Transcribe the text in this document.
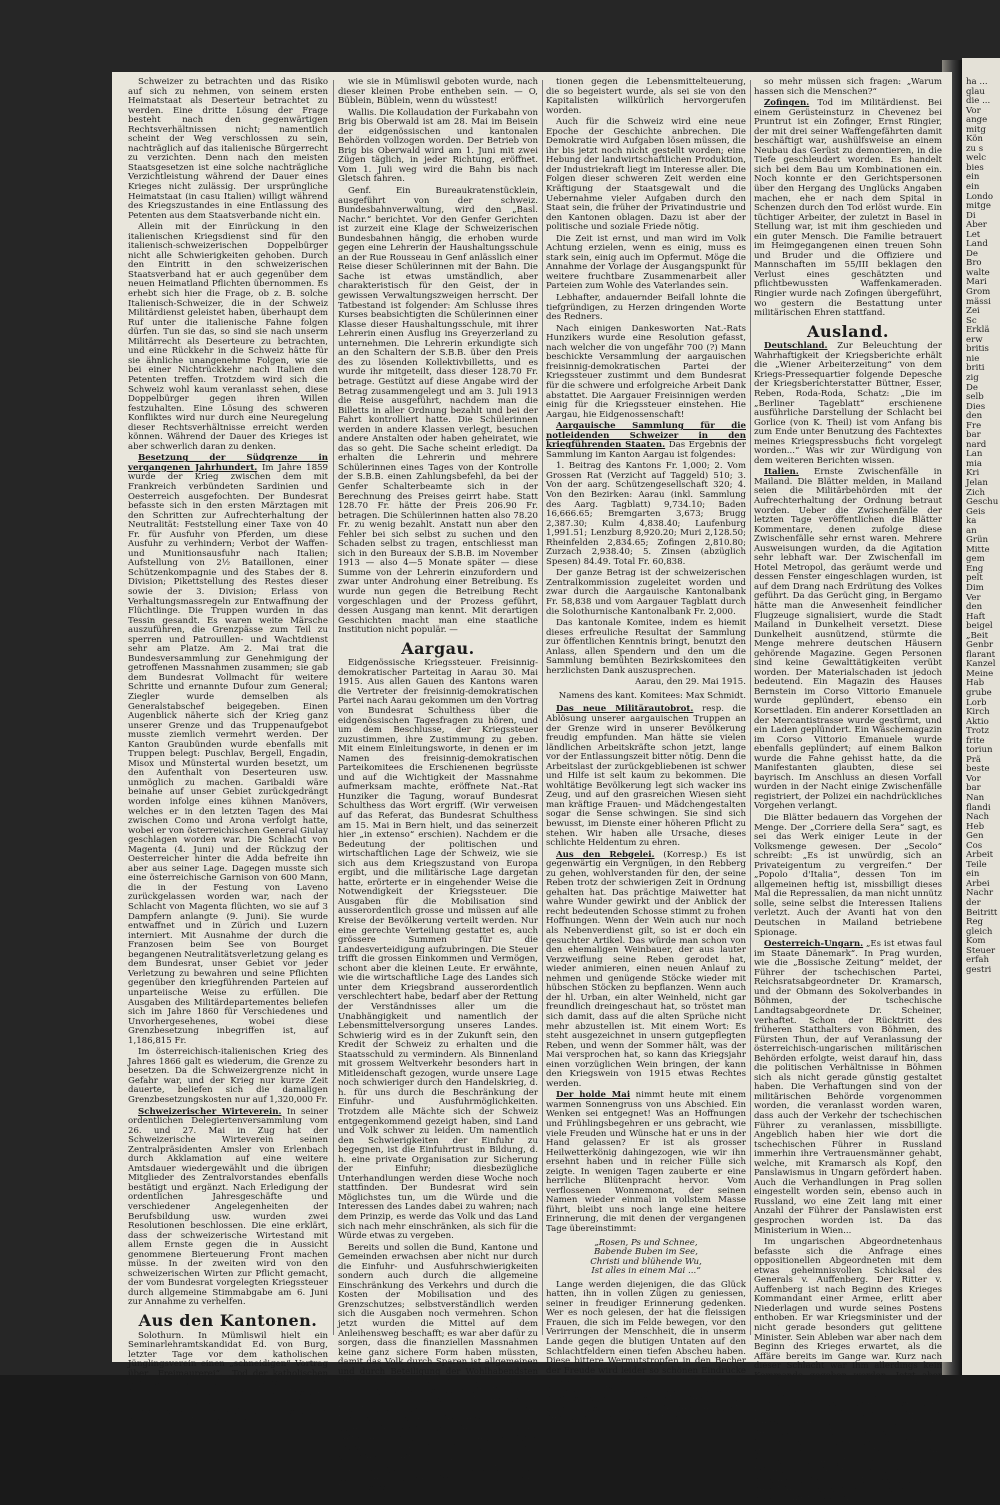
Schweizer zu betrachten und das Risiko auf sich zu nehmen, von seinem ersten Heimatstaat als Deserteur betrachtet zu werden. Eine dritte Lösung der Frage besteht nach den gegenwärtigen Rechtsverhältnissen nicht; namentlich scheint der Weg verschlossen zu sein, nachträglich auf das italienische Bürgerrecht zu verzichten. Denn nach den meisten Staatsgesetzen ist eine solche nachträgliche Verzichtleistung während der Dauer eines Krieges nicht zulässig. Der ursprüngliche Heimatstaat (in casu Italien) willigt während des Kriegszustandes in eine Entlassung des Petenten aus dem Staatsverbande nicht ein.

Allein mit der Einrückung in den italienischen Kriegsdienst sind für den italienisch-schweizerischen Doppelbürger nicht alle Schwierigkeiten gehoben. Durch den Eintritt in den schweizerischen Staatsverband hat er auch gegenüber dem neuen Heimatland Pflichten übernommen. Es erhebt sich hier die Frage, ob z. B. solche Italienisch-Schweizer, die in der Schweiz Militärdienst geleistet haben, überhaupt dem Ruf unter die italienische Fahne folgen dürfen. Tun sie das, so sind sie nach unserm Militärrecht als Deserteure zu betrachten, und eine Rückkehr in die Schweiz hätte für sie ähnliche unangenehme Folgen, wie sie bei einer Nichtrückkehr nach Italien den Petenten treffen. Trotzdem wird sich die Schweiz wohl kaum veranlasst sehen, diese Doppelbürger gegen ihren Willen festzuhalten. Eine Lösung des schweren Konfliktes wird nur durch eine Neuregelung dieser Rechtsverhältnisse erreicht werden können. Während der Dauer des Krieges ist aber schwerlich daran zu denken.

Besetzung der Südgrenze in vergangenen Jahrhundert. Im Jahre 1859 wurde der Krieg zwischen dem mit Frankreich verbündeten Sardinien und Oesterreich ausgefochten. Der Bundesrat befasste sich in den ersten Märztagen mit den Schritten zur Aufrechterhaltung der Neutralität: Feststellung einer Taxe von 40 Fr. für Ausfuhr von Pferden, um diese Ausfuhr zu verhindern; Verbot der Waffen- und Munitionsausfuhr nach Italien; Aufstellung von 2½ Bataillonen, einer Schützenkompagnie und des Stabes der 8. Division; Pikettstellung des Restes dieser sowie der 3. Division; Erlass von Verhaltungsmassregeln zur Entwaffnung der Flüchtlinge. Die Truppen wurden in das Tessin gesandt. Es waren weite Märsche auszuführen, die Grenzpässe zum Teil zu sperren und Patrouillen- und Wachtdienst sehr am Platze. Am 2. Mai trat die Bundesversammlung zur Genehmigung der getroffenen Massnahmen zusammen; sie gab dem Bundesrat Vollmacht für weitere Schritte und ernannte Dufour zum General; Ziegler wurde demselben als Generalstabschef beigegeben. Einen Augenblick näherte sich der Krieg ganz unserer Grenze und das Truppenaufgebot musste ziemlich vermehrt werden. Der Kanton Graubünden wurde ebenfalls mit Truppen belegt: Puschlav, Bergell, Engadin, Misox und Münstertal wurden besetzt, um den Aufenthalt von Deserteuren usw. unmöglich zu machen. Garibaldi wäre beinahe auf unser Gebiet zurückgedrängt worden infolge eines kühnen Manövers, welches er in den letzten Tagen des Mai zwischen Como und Arona verfolgt hatte, wobei er von österreichischen General Giulay geschlagen worden war. Die Schlacht von Magenta (4. Juni) und der Rückzug der Oesterreicher hinter die Adda befreite ihn aber aus seiner Lage. Dagegen musste sich eine österreichische Garnison von 600 Mann, die in der Festung von Laveno zurückgelassen worden war, nach der Schlacht von Magenta flüchten, wo sie auf 3 Dampfern anlangte (9. Juni). Sie wurde entwaffnet und in Zürich und Luzern interniert. Mit Ausnahme der durch die Franzosen beim See von Bourget begangenen Neutralitätsverletzung gelang es dem Bundesrat, unser Gebiet vor jeder Verletzung zu bewahren und seine Pflichten gegenüber den kriegführenden Parteien auf unparteiische Weise zu erfüllen. Die Ausgaben des Militärdepartementes beliefen sich im Jahre 1860 für Verschiedenes und Unvorhergesehenes, wobei diese Grenzbesetzung inbegriffen ist, auf 1,186,815 Fr.

Im österreichisch-italienischen Krieg des Jahres 1866 galt es wiederum, die Grenze zu besetzen. Da die Schweizergrenze nicht in Gefahr war, und der Krieg nur kurze Zeit dauerte, beliefen sich die damaligen Grenzbesetzungskosten nur auf 1,320,000 Fr.

Schweizerischer Wirteverein. In seiner ordentlichen Delegiertenversammlung vom 26. und 27. Mai in Zug hat der Schweizerische Wirteverein seinen Zentralpräsidenten Amsler von Erlenbach durch Akklamation auf eine weitere Amtsdauer wiedergewählt und die übrigen Mitglieder des Zentralvorstandes ebenfalls bestätigt und ergänzt. Nach Erledigung der ordentlichen Jahresgeschäfte und verschiedener Angelegenheiten der Berufsbildung usw. wurden zwei Resolutionen beschlossen. Die eine erklärt, dass der schweizerische Wirtestand mit allem Ernste gegen die in Aussicht genommene Bierteuerung Front machen müsse. In der zweiten wird von den schweizerischen Wirten zur Pflicht gemacht, der vom Bundesrat vorgelegten Kriegssteuer durch allgemeine Stimmabgabe am 6. Juni zur Annahme zu verhelfen.

Aus den Kantonen.

Solothurn. In Mümliswil hielt ein Seminarlehramtskandidat Ed. von Burg, letzter Tage vor dem katholischen Jünglingsverein einen „schneidigen“ Vortrag über „Freimaurerei“. „Tod der katholischen Kirche! heisse der Hauptparagraph der Statuten der Kellenbrüder“, dieses Märchen war das Leitmotiv des jugendlichen Vortrages. Man wird weiterer Schlüsse über diese Gattung Volksaufklärung,

wie sie in Mümliswil geboten wurde, nach dieser kleinen Probe entheben sein. — O, Büblein, Büblein, wenn du wüsstest!

Wallis. Die Kollaudation der Furkabahn von Brig bis Oberwald ist am 28. Mai im Beisein der eidgenössischen und kantonalen Behörden vollzogen worden. Der Betrieb von Brig bis Oberwald wird am 1. Juni mit zwei Zügen täglich, in jeder Richtung, eröffnet. Vom 1. Juli weg wird die Bahn bis nach Gletsch fahren.

Genf. Ein Bureaukratenstücklein, ausgeführt von der schweiz. Bundesbahnverwaltung, wird den „Basl. Nachr.“ berichtet. Vor den Genfer Gerichten ist zurzeit eine Klage der Schweizerischen Bundesbahnen hängig, die erhoben wurde gegen eine Lehrerin der Haushaltungsschule an der Rue Rousseau in Genf anlässlich einer Reise dieser Schülerinnen mit der Bahn. Die Sache ist etwas umständlich, aber charakteristisch für den Geist, der in gewissen Verwaltungszweigen herrscht. Der Tatbestand ist folgender: Am Schlusse ihres Kurses beabsichtigten die Schülerinnen einer Klasse dieser Haushaltungsschule, mit ihrer Lehrerin einen Ausflug ins Greyerzerland zu unternehmen. Die Lehrerin erkundigte sich an den Schaltern der S.B.B. über den Preis des zu lösenden Kollektivbilletts, und es wurde ihr mitgeteilt, dass dieser 128.70 Fr. betrage. Gestützt auf diese Angabe wird der Betrag zusammengelegt und am 3. Juli 1913 die Reise ausgeführt, nachdem man die Billetts in aller Ordnung bezahlt und bei der Fahrt kontrolliert hatte. Die Schülerinnen werden in andere Klassen verlegt, besuchen andere Anstalten oder haben geheiratet, wie das so geht. Die Sache scheint erledigt. Da erhalten die Lehrerin und mehrere Schülerinnen eines Tages von der Kontrolle der S.B.B. einen Zahlungsbefehl, da bei der Genfer Schalterbeamte sich in der Berechnung des Preises geirrt habe. Statt 128.70 Fr. hätte der Preis 206.90 Fr. betragen. Die Schülerinnen hatten also 78.20 Fr. zu wenig bezahlt. Anstatt nun aber den Fehler bei sich selbst zu suchen und den Schaden selbst zu tragen, entschliesst man sich in den Bureaux der S.B.B. im November 1913 — also 4—5 Monate später — diese Summe von der Lehrerin einzufordern und zwar unter Androhung einer Betreibung. Es wurde nun gegen die Betreibung Recht vorgeschlagen und der Prozess geführt, dessen Ausgang man kennt. Mit derartigen Geschichten macht man eine staatliche Institution nicht populär. —

Aargau.

Eidgenössische Kriegssteuer. Freisinnig-demokratischer Parteitag in Aarau 30. Mai 1915. Aus allen Gauen des Kantons waren die Vertreter der freisinnig-demokratischen Partei nach Aarau gekommen um den Vortrag von Bundesrat Schulthess über die eidgenössischen Tagesfragen zu hören, und um dem Beschlusse, der Kriegssteuer zuzustimmen, ihre Zustimmung zu geben. Mit einem Einleitungsworte, in denen er im Namen des freisinnig-demokratischen Parteikomitees die Erschienenen begrüsste und auf die Wichtigkeit der Massnahme aufmerksam machte, eröffnete Nat.-Rat Hunziker die Tagung, worauf Bundesrat Schulthess das Wort ergriff. (Wir verweisen auf das Referat, das Bundesrat Schulthess am 15. Mai in Bern hielt, und das seinerzeit hier „in extenso“ erschien). Nachdem er die Bedeutung der politischen und wirtschaftlichen Lage der Schweiz, wie sie sich aus dem Kriegszustand von Europa ergibt, und die militärische Lage dargetan hatte, erörterte er in eingehender Weise die Notwendigkeit der Kriegssteuer. Die Ausgaben für die Mobilisation sind ausserordentlich grosse und müssen auf alle Kreise der Bevölkerung verteilt werden. Nur eine gerechte Verteilung gestattet es, auch grössere Summen für die Landesverteidigung aufzubringen. Die Steuer trifft die grossen Einkommen und Vermögen, schont aber die kleinen Leute. Er erwähnte, wie die wirtschaftliche Lage des Landes sich unter dem Kriegsbrand ausserordentlich verschlechtert habe, bedarf aber der Rettung der Verständnisses aller um die Unabhängigkeit und namentlich der Lebensmittelversorgung unseres Landes. Schwierig wird es in der Zukunft sein, den Kredit der Schweiz zu erhalten und die Staatsschuld zu vermindern. Als Binnenland mit grossem Weltverkehr besonders hart in Mitleidenschaft gezogen, wurde unsere Lage noch schwieriger durch den Handelskrieg, d. h. für uns durch die Beschränkung der Einfuhr- und Ausfuhrmöglichkeiten. Trotzdem alle Mächte sich der Schweiz entgegenkommend gezeigt haben, sind Land und Volk schwer zu leiden. Um namentlich den Schwierigkeiten der Einfuhr zu begegnen, ist die Einfuhrtrust in Bildung, d. h. eine private Organisation zur Sicherung der Einfuhr; diesbezügliche Unterhandlungen werden diese Woche noch stattfinden. Der Bundesrat wird sein Möglichstes tun, um die Würde und die Interessen des Landes dabei zu wahren; nach dem Prinzip, es werde das Volk und das Land sich nach mehr einschränken, als sich für die Würde etwas zu vergeben.

Bereits und sollen die Bund, Kantone und Gemeinden erwachsen aber nicht nur durch die Einfuhr- und Ausfuhrschwierigkeiten sondern auch durch die allgemeine Einschränkung des Verkehrs und durch die Kosten der Mobilisation und des Grenzschutzes; selbstverständlich werden sich die Ausgaben noch vermehren. Schon jetzt wurden die Mittel auf dem Anleihensweg beschafft; es war aber dafür zu sorgen, dass die finanziellen Massnahmen keine ganz sichere Form haben müssten, damit das Volk durch Sparen ist allgemeinen und durch Beteiligung der Wohlhabendsten beitrug; der Bund hat sich durch Sparen und Erhebung der Kriegssteuer mit Einnahmen zu versehen, welches auf die Dauer verteilt. Die Kriegssteuer wird die Schulden des Bundes, die aus dem Kriege erwachsen sind, tilgen; sie wird nur die Vermögenden beitragen und zwar in nicht empfindlicher Weise. Auf Einzelheiten einzugehen erübrigt sich hier bei Zeit und die Zeit.

Zu befragen ist um zu mithelfen Kantonen, ob an verschiedenen Orten stattgefundenen Demonstra-

tionen gegen die Lebensmittelteuerung, die so begeistert wurde, als sei sie von den Kapitalisten willkürlich hervorgerufen worden.

Auch für die Schweiz wird eine neue Epoche der Geschichte anbrechen. Die Demokratie wird Aufgaben lösen müssen, die ihr bis jetzt noch nicht gestellt worden; eine Hebung der landwirtschaftlichen Produktion, der Industriekraft liegt im Interesse aller. Die Folgen dieser schweren Zeit werden eine Kräftigung der Staatsgewalt und die Uebernahme vieler Aufgaben durch den Staat sein, die früher der Privatindustrie und den Kantonen oblagen. Dazu ist aber der politische und soziale Friede nötig.

Die Zeit ist ernst, und man wird im Volk Achtung erzielen, wenn es einig, muss es stark sein, einig auch im Opfermut. Möge die Annahme der Vorlage der Ausgangspunkt für weitere fruchtbare Zusammenarbeit aller Parteien zum Wohle des Vaterlandes sein.

Lebhafter, andauernder Beifall lohnte die tiefgründigen, zu Herzen dringenden Worte des Redners.

Nach einigen Dankesworten Nat.-Rats Hunzikers wurde eine Resolution gefasst, nach welcher die von ungefähr 700 (?) Mann beschickte Versammlung der aargauischen freisinnig-demokratischen Partei der Kriegssteuer zustimmt und dem Bundesrat für die schwere und erfolgreiche Arbeit Dank abstattet. Die Aargauer Freisinnigen werden einig für die Kriegssteuer einstehen. Hie Aargau, hie Eidgenossenschaft!

Aargauische Sammlung für die notleidenden Schweizer in den kriegführenden Staaten. Das Ergebnis der Sammlung im Kanton Aargau ist folgendes:

1. Beitrag des Kantons Fr. 1,000; 2. Vom Grossen Rat (Verzicht auf Taggeld) 510; 3. Von der aarg. Schützengesellschaft 320; 4. Von den Bezirken: Aarau (inkl. Sammlung des Aarg. Tagblatt) 9,734.10; Baden 16,666.65; Bremgarten 3,673; Brugg 2,387.30; Kulm 4,838.40; Laufenburg 1,991.51; Lenzburg 8,920.20; Muri 2,128.50; Rheinfelden 2,834.65; Zofingen 2,810.80; Zurzach 2,938.40; 5. Zinsen (abzüglich Spesen) 84.49. Total Fr. 60,838.

Der ganze Betrag ist der schweizerischen Zentralkommission zugeleitet worden und zwar durch die Aargauische Kantonalbank Fr. 58,838 und vom Aargauer Tagblatt durch die Solothurnische Kantonalbank Fr. 2,000.

Das kantonale Komitee, indem es hiemit dieses erfreuliche Resultat der Sammlung zur öffentlichen Kenntnis bringt, benutzt den Anlass, allen Spendern und den um die Sammlung bemühten Bezirkskomitees den herzlichsten Dank auszusprechen.

Aarau, den 29. Mai 1915.
Namens des kant. Komitees: Max Schmidt.

Das neue Militärautobrot. resp. die Ablösung unserer aargauischen Truppen an der Grenze wird in unserer Bevölkerung freudig empfunden. Man hätte sie vielen ländlichen Arbeitskräfte schon jetzt, lange vor der Entlassungszeit bitter nötig. Denn die Arbeitslast der zurückgebliebenen ist schwer und Hilfe ist selt kaum zu bekommen. Die wohltätige Bevölkerung legt sich wacker ins Zeug, und auf den grasreichen Wiesen sieht man kräftige Frauen- und Mädchengestalten sogar die Sense schwingen. Sie sind sich bewusst, im Dienste einer höheren Pflicht zu stehen. Wir haben alle Ursache, dieses schlichte Heldentum zu ehren.

Aus den Rebgelei. (Korresp.) Es ist gegenwärtig ein Vergnügen, in den Rebberg zu gehen, wohlverstanden für den, der seine Reben trotz der schwierigen Zeit in Ordnung gehalten hat. Das prächtige Maiwetter hat wahre Wunder gewirkt und der Anblick der recht bedeutenden Schosse stimmt zu frohen Hoffnungen. Wenn der Wein auch nur noch als Nebenverdienst gilt, so ist er doch ein gesuchter Artikel. Das würde man schon von den ehemaligen Weinbauer, der aus lauter Verzweiflung seine Reben gerodet hat, wieder animieren, einen neuen Anlauf zu nehmen und genügende Stöcke wieder mit hübschen Stöcken zu bepflanzen. Wenn auch der hl. Urban, ein alter Weinheld, nicht gar freundlich dreingeschaut hat, so tröstet man sich damit, dass auf die alten Sprüche nicht mehr abzustellen ist. Mit einem Wort: Es steht ausgezeichnet in unsern gutgepflegten Reben, und wenn der Sommer hält, was der Mai versprochen hat, so kann das Kriegsjahr einen vorzüglichen Wein bringen, der kann den Kriegswein von 1915 etwas Rechtes werden.

Der holde Mai nimmt heute mit einem warmen Sonnengruss von uns Abschied. Ein Wenken sei entgegnet! Was an Hoffnungen und Frühlingsbegehren er uns gebracht, wie viele Freuden und Wünsche hat er uns in der Hand gelassen? Er ist als grosser Heilwetterkönig dahingezogen, wie wir ihn ersehnt haben und in reicher Fülle sich zeigte. In wenigen Tagen zauberte er eine herrliche Blütenpracht hervor. Vom verflossenen Wonnemonat, der seinen Namen wieder einmal in vollstem Masse führt, bleibt uns noch lange eine heitere Erinnerung, die mit denen der vergangenen Tage übereinstimmt:

„Rosen, Ps und Schnee,
Babende Buben im See,
Christi und blühende Wu,
Ist alles in einem Mai ...“

Lange werden diejenigen, die das Glück hatten, ihn in vollen Zügen zu geniessen, seiner in freudiger Erinnerung gedenken. Wer es noch gelesen, der hat die fleissigen Frauen, die sich im Felde bewegen, vor den Verirrungen der Menschheit, die in unserm Lande gegen die blutigen Untaten auf den Schlachtfeldern einen tiefen Abscheu haben. Diese bittere Wermutstropfen in den Becher der Freude wird leider so schönen Eindrücke trüben, die in jeder Kreatur sich bewegen, die sich der Freude hingeben. Ja, es blühte doch sonst noch unser Mai der Symbole Jahrs nur sich ergeben, die der blende Mai der Schönheit näher bringt, um

so mehr müssen sich fragen: „Warum hassen sich die Menschen?“

Zofingen. Tod im Militärdienst. Bei einem Gerüsteinsturz in Chevenez bei Pruntrut ist ein Zofinger, Ernst Ringier, der mit drei seiner Waffengefährten damit beschäftigt war, aushülfsweise an einem Neubau das Gerüst zu demontieren, in die Tiefe geschleudert worden. Es handelt sich bei dem Bau um Kombinationen ein. Noch konnte er den Gerichtspersonen über den Hergang des Unglücks Angaben machen, ehe er nach dem Spital in Schenzen durch den Tod erlöst wurde. Ein tüchtiger Arbeiter, der zuletzt in Basel in Stellung war, ist mit ihm geschieden und ein guter Mensch. Die Familie betrauert im Heimgegangenen einen treuen Sohn und Bruder und die Offiziere und Mannschaften im 55/III beklagen den Verlust eines geschätzten und pflichtbewussten Waffenkameraden. Ringier wurde nach Zofingen übergeführt, wo gestern die Bestattung unter militärischen Ehren stattfand.

Ausland.

Deutschland. Zur Beleuchtung der Wahrhaftigkeit der Kriegsberichte erhält die „Wiener Arbeiterzeitung“ von dem Kriegs-Pressequartier folgende Depesche der Kriegsberichterstatter Büttner, Esser, Reben, Roda-Roda, Schatz: „Die im „Berliner Tageblatt“ erschienene ausführliche Darstellung der Schlacht bei Gorlice (von K. Theil) ist vom Anfang bis zum Ende unter Benutzung des Fachtextes meines Kriegspressbuchs ficht vorgelegt worden...“ Was wir zur Würdigung von dem weiteren Berichten wissen.

Italien. Ernste Zwischenfälle in Mailand. Die Blätter melden, in Mailand seien die Militärbehörden mit der Aufrechterhaltung der Ordnung betraut worden. Ueber die Zwischenfälle der letzten Tage veröffentlichen die Blätter Kommentare, denen zufolge diese Zwischenfälle sehr ernst waren. Mehrere Ausweisungen wurden, da die Agitation sehr lebhaft war. Der Zwischenfall im Hotel Metropol, das geräumt werde und dessen Fenster eingeschlagen wurden, ist auf dem Drang nach Erdrütung des Volkes geführt. Da das Gerücht ging, in Bergamo hätte man die Anwesenheit feindlicher Flugzeuge signalisiert, wurde die Stadt Mailand in Dunkelheit versetzt. Diese Dunkelheit ausnützend, stürmte die Menge mehrere deutschen Häusern gehörende Magazine. Gegen Personen sind keine Gewalttätigkeiten verübt worden. Der Materialschaden ist jedoch bedeutend. Ein Magazin des Hauses Bernstein im Corso Vittorio Emanuele wurde geplündert, ebenso ein Korsettladen. Ein anderer Korsettladen an der Mercantistrasse wurde gestürmt, und ein Laden geplündert. Ein Wäschemagazin im Corso Vittorio Emanuele wurde ebenfalls geplündert; auf einem Balkon wurde die Fahne gehisst hatte, da die Manifestanten glaubten, diese sei bayrisch. Im Anschluss an diesen Vorfall wurden in der Nacht einige Zwischenfälle registriert, der Polizei ein nachdrückliches Vorgehen verlangt.

Die Blätter bedauern das Vorgehen der Menge. Der „Corriere della Sera“ sagt, es sei das Werk einiger Leute in der Volksmenge gewesen. Der „Secolo“ schreibt: „Es ist unwürdig, sich an Privateigentum zu vergreifen.“ Der „Popolo d'Italia“, dessen Ton im allgemeinen heftig ist, missbilligt dieses Mal die Repressalien, da man nicht unnütz solle, seine selbst die Interessen Italiens verletzt. Auch der Avanti hat von den Deutschen in Mailand betriebene Spionage.

Oesterreich-Ungarn. „Es ist etwas faul im Staate Dänemark“. In Prag wurden, wie die „Bossische Zeitung“ meldet, der Führer der tschechischen Partei, Reichsratsabgeordneter Dr. Kramarsch, und der Obmann des Sokolverbandes in Böhmen, der tschechische Landtagsabgeordnete Dr. Scheiner, verhaftet. Schon der Rücktritt des früheren Statthalters von Böhmen, des Fürsten Thun, der auf Veranlassung der österreichisch-ungarischen militärischen Behörden erfolgte, weist darauf hin, dass die politischen Verhältnisse in Böhmen sich als nicht gerade günstig gestaltet haben. Die Verhaftungen sind von der militärischen Behörde vorgenommen worden, die veranlasst worden waren, dass auch der Verkehr der tschechischen Führer zu veranlassen, missbilligte. Angeblich haben hier wie dort die tschechischen Führer in Russland immerhin ihre Vertrauensmänner gehabt, welche, mit Kramarsch als Kopf, den Panslawismus in Ungarn gefördert haben. Auch die Verhandlungen in Prag sollen eingestellt worden sein, ebenso auch in Russland, wo eine Zeit lang mit einer Anzahl der Führer der Panslawisten erst gesprochen worden ist. Da das Ministerium in Wien...

Im ungarischen Abgeordnetenhaus befasste sich die Anfrage eines oppositionellen Abgeordneten mit dem etwas geheimnisvollen Schicksal des Generals v. Auffenberg. Der Ritter v. Auffenberg ist nach Beginn des Krieges Kommandant einer Armee, erlitt aber Niederlagen und wurde seines Postens enthoben. Er war Kriegsminister und der nicht gerade besonders gut gelittene Minister. Sein Ableben war aber nach dem Beginn des Krieges erwartet, als die Affäre bereits im Gange war. Kurz nach dieser Schlacht war ihm allerdings kein Kommando gegeben worden. Jetzt aber man sagt, weil eine Einreichungsoperation nicht vorgelegt war, — aber nach am 22. April ergriff man einen kaiserlichen Erlass, das ihm in allen Gnaden der Herrschaft entheben und seinem Namen den Zusatz „von Komarow“ nahm. Wie das Gerücht sagt, wurde er verhaftet und steht unter dem Vorwurf des Staatsverbrechens. Er wird jetzt in einer Mitteilung an die Öffentlichkeit mitgeteilt, dass er aus Grund der Untersuchung aus dem Dienste tatsächlich entlassen wurde; dass er seit Jahren die beliebte

ha ...
glau
die ...
Vor
ange
mitg
Kön
zu s
welc
bies
ein
ein
Londo
mitge
Di
Aber
Let
Land
De
Bro
walte
Mari
Grom
mässi
Zei
Sc
Erklä
erw
britis
nie
briti
zig
De
selb
Dies
den
Fre
bar
nard
Lan
mia
Kri
Jelan
Zich
Geschu
Geis
ka
an
Grün
Mitte
gem
Eng
pelt
Dim
Ver
den
Haft
beigel
„Beit
Genbr
flarant
Kanzel
Meine
Hab
grube
Lorb
Kirch
Aktio
Trotz
frite
toriun
Prä
beste
Vor
bar
Nan
flandi
Nach
Heb
Gen
Cos
Arbeit
Teile
ein
Arbei
Nachr
der
Beitritt
Reg
gleich
Kom
Steuer
erfah
gestri
